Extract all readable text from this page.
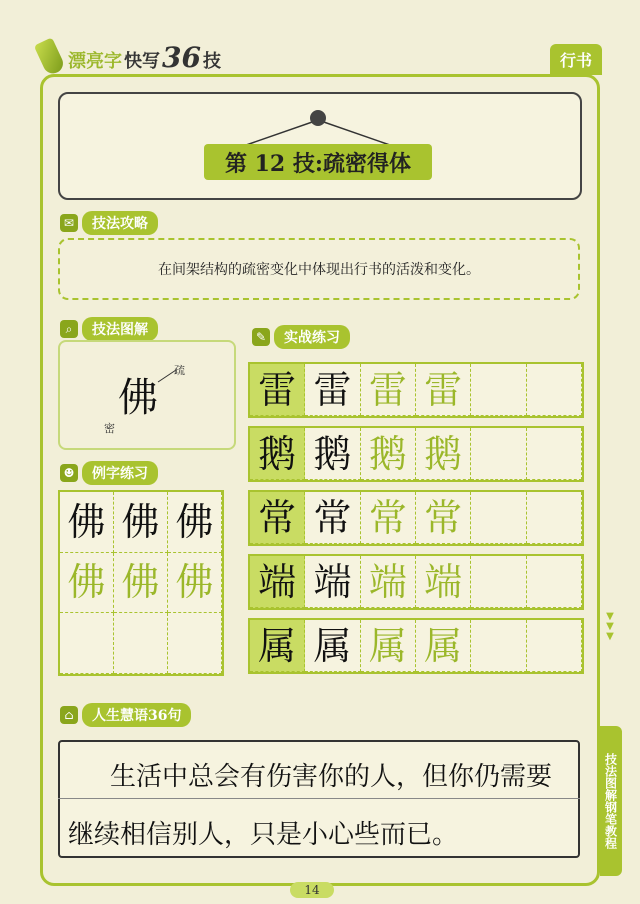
漂亮字 快写 36 技	行书
第 12 技:疏密得体
✉	技法攻略
在间架结构的疏密变化中体现出行书的活泼和变化。
⌕	技法图解
佛
疏
密
☻	例字练习
佛 佛 佛
佛 佛 佛
✎	实战练习
雷 雷 雷 雷
鹅 鹅 鹅 鹅
常 常 常 常
端 端 端 端
属 属 属 属
⌂	人生慧语36句
生活中总会有伤害你的人，但你仍需要
继续相信别人，只是小心些而已。
▼
▼
▼
技法图解钢笔教程
14
